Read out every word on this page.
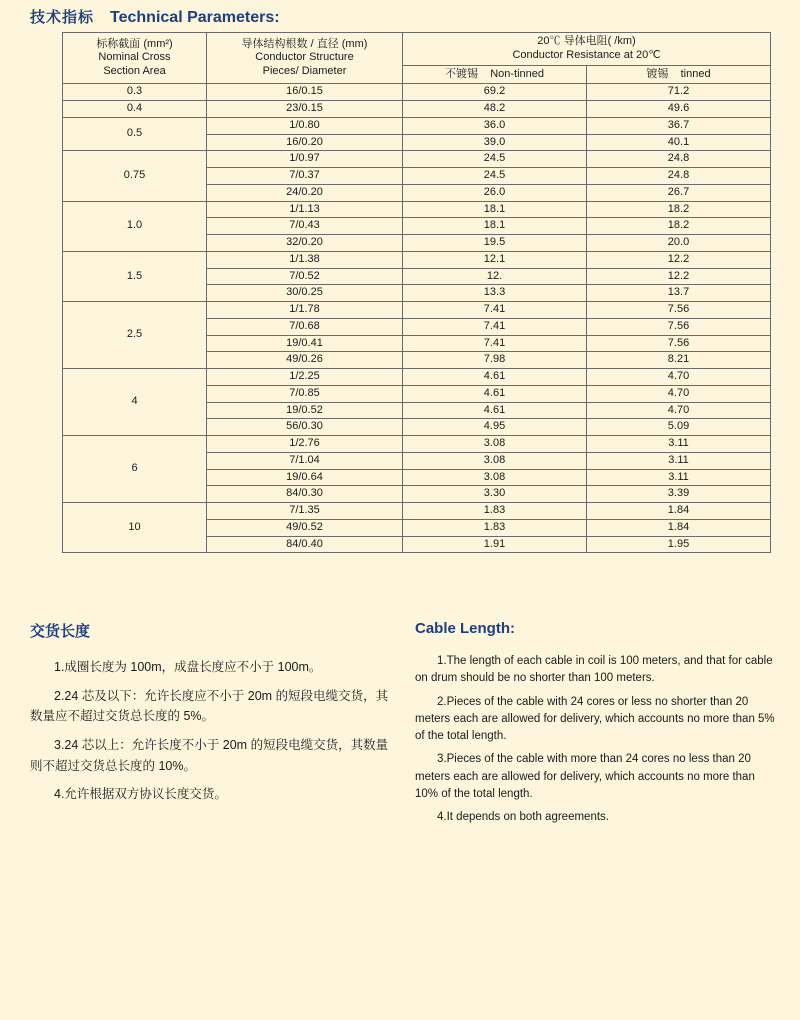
技术指标 Technical Parameters:
标称截面 (mm²)
Nominal Cross
Section Area	导体结构根数 / 直径 (mm)
Conductor Structure
Pieces/ Diameter	20℃ 导体电阻( /km)
Conductor Resistance at 20℃	

		不镀锡 Non-tinned	镀锡 tinned
0.3	16/0.15	69.2	71.2
0.4	23/0.15	48.2	49.6
0.5	1/0.80	36.0	36.7
	16/0.20	39.0	40.1
0.75	1/0.97	24.5	24.8
	7/0.37	24.5	24.8
	24/0.20	26.0	26.7
1.0	1/1.13	18.1	18.2
	7/0.43	18.1	18.2
	32/0.20	19.5	20.0
1.5	1/1.38	12.1	12.2
	7/0.52	12.	12.2
	30/0.25	13.3	13.7
2.5	1/1.78	7.41	7.56
	7/0.68	7.41	7.56
	19/0.41	7.41	7.56
	49/0.26	7.98	8.21
4	1/2.25	4.61	4.70
	7/0.85	4.61	4.70
	19/0.52	4.61	4.70
	56/0.30	4.95	5.09
6	1/2.76	3.08	3.11
	7/1.04	3.08	3.11
	19/0.64	3.08	3.11
	84/0.30	3.30	3.39
10	7/1.35	1.83	1.84
	49/0.52	1.83	1.84
	84/0.40	1.91	1.95
交货长度

1.成圈长度为 100m，成盘长度应不小于 100m。

2.24 芯及以下：允许长度应不小于 20m 的短段电缆交货，其数量应不超过交货总长度的 5%。

3.24 芯以上：允许长度不小于 20m 的短段电缆交货，其数量则不超过交货总长度的 10%。

4.允许根据双方协议长度交货。

Cable Length:

1.The length of each cable in coil is 100 meters, and that for cable on drum should be no shorter than 100 meters.

2.Pieces of the cable with 24 cores or less no shorter than 20 meters each are allowed for delivery, which accounts no more than 5% of the total length.

3.Pieces of the cable with more than 24 cores no less than 20 meters each are allowed for delivery, which accounts no more than 10% of the total length.

4.It depends on both agreements.
